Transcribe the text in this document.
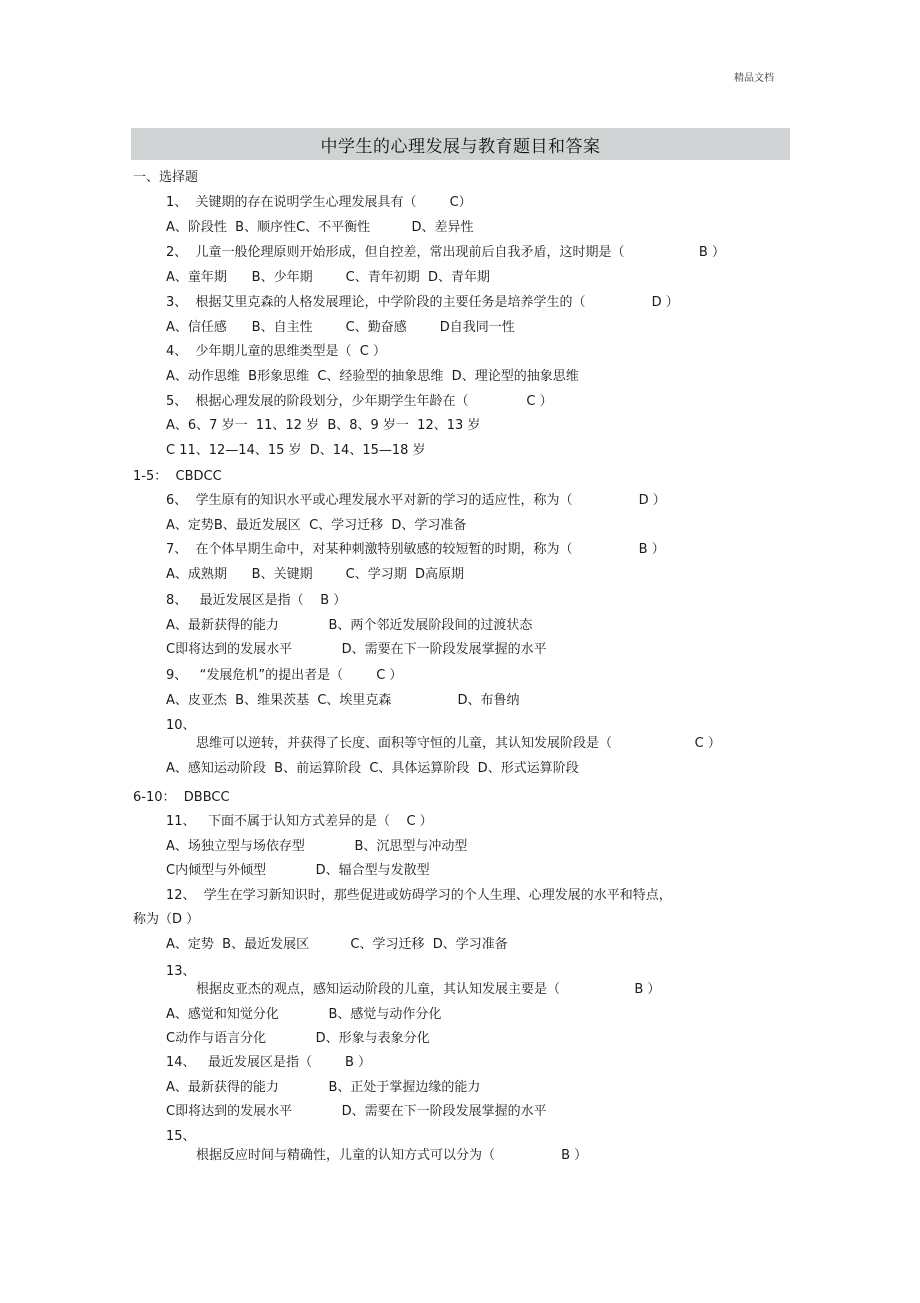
精品文档
中学生的心理发展与教育题目和答案
一、选择题
1、  关键期的存在说明学生心理发展具有（        C）
A、阶段性  B、顺序性C、不平衡性          D、差异性
2、  儿童一般伦理原则开始形成，但自控差，常出现前后自我矛盾，这时期是（                  B ）
A、童年期      B、少年期        C、青年初期  D、青年期
3、  根据艾里克森的人格发展理论，中学阶段的主要任务是培养学生的（                D ）
A、信任感      B、自主性        C、勤奋感        D自我同一性
4、  少年期儿童的思维类型是（  C ）
A、动作思维  B形象思维  C、经验型的抽象思维  D、理论型的抽象思维
5、  根据心理发展的阶段划分，少年期学生年龄在（              C ）
A、6、7 岁一  11、12 岁  B、8、9 岁一  12、13 岁
C 11、12—14、15 岁  D、14、15—18 岁
1-5：  CBDCC
6、  学生原有的知识水平或心理发展水平对新的学习的适应性，称为（                D ）
A、定势B、最近发展区  C、学习迁移  D、学习准备
7、  在个体早期生命中，对某种刺激特别敏感的较短暂的时期，称为（                B ）
A、成熟期      B、关键期        C、学习期  D高原期
8、   最近发展区是指（    B ）
A、最新获得的能力            B、两个邻近发展阶段间的过渡状态
C即将达到的发展水平            D、需要在下一阶段发展掌握的水平
9、   “发展危机”的提出者是（        C ）
A、皮亚杰  B、维果茨基  C、埃里克森                D、布鲁纳
10、
思维可以逆转，并获得了长度、面积等守恒的儿童，其认知发展阶段是（                    C ）
A、感知运动阶段  B、前运算阶段  C、具体运算阶段  D、形式运算阶段
6-10：  DBBCC
11、   下面不属于认知方式差异的是（    C ）
A、场独立型与场依存型            B、沉思型与冲动型
C内倾型与外倾型            D、辐合型与发散型
12、  学生在学习新知识时，那些促进或妨碍学习的个人生理、心理发展的水平和特点，
称为（D ）
A、定势  B、最近发展区          C、学习迁移  D、学习准备
13、
根据皮亚杰的观点，感知运动阶段的儿童，其认知发展主要是（                  B ）
A、感觉和知觉分化            B、感觉与动作分化
C动作与语言分化            D、形象与表象分化
14、   最近发展区是指（        B ）
A、最新获得的能力            B、正处于掌握边缘的能力
C即将达到的发展水平            D、需要在下一阶段发展掌握的水平
15、
根据反应时间与精确性，儿童的认知方式可以分为（                B ）
